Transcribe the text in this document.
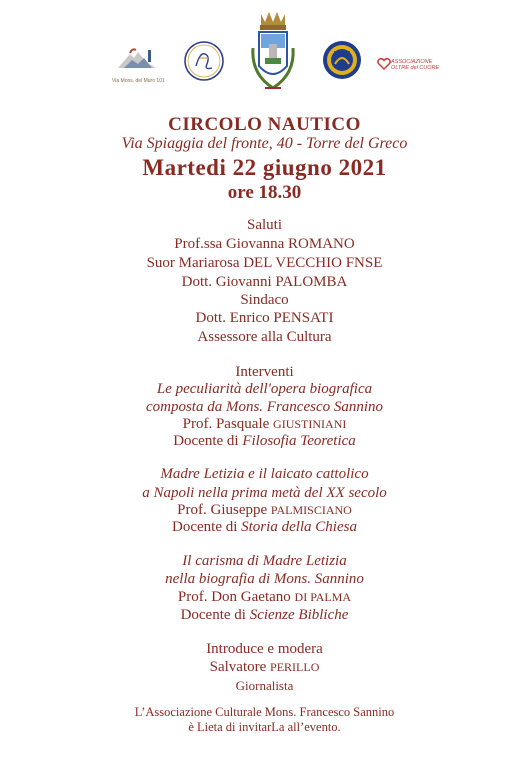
Via Mons. del Muro 101
LIONS
ASSOCIAZIONE OLTRE del CUORE
CIRCOLO NAUTICO
Via Spiaggia del fronte, 40 - Torre del Greco
Martedi 22 giugno 2021
ore 18.30
Saluti
Prof.ssa Giovanna ROMANO
Suor Mariarosa DEL VECCHIO FNSE
Dott. Giovanni PALOMBA
Sindaco
Dott. Enrico PENSATI
Assessore alla Cultura
Interventi
Le peculiarità dell'opera biografica
composta da Mons. Francesco Sannino
Prof. Pasquale GIUSTINIANI
Docente di Filosofia Teoretica
Madre Letizia e il laicato cattolico
a Napoli nella prima metà del XX secolo
Prof. Giuseppe PALMISCIANO
Docente di Storia della Chiesa
Il carisma di Madre Letizia
nella biografia di Mons. Sannino
Prof. Don Gaetano DI PALMA
Docente di Scienze Bibliche
Introduce e modera
Salvatore PERILLO
Giornalista
L’Associazione Culturale Mons. Francesco Sannino
è Lieta di invitarLa all’evento.
